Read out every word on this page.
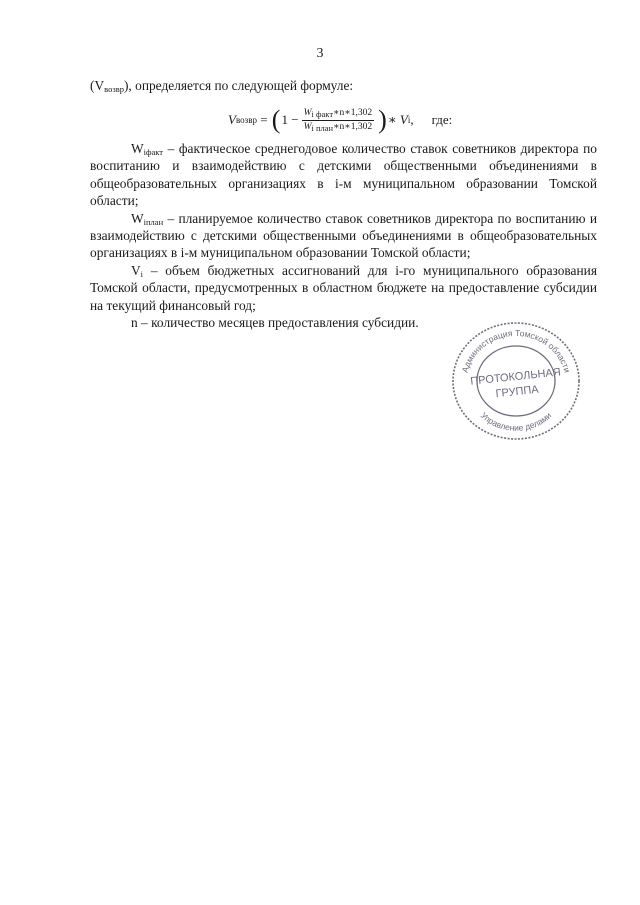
3
$(V_{возвр})$, определяется по следующей формуле:
V возвр = ( $1 - \frac{W_{i факт}∗n∗1,302}{W_{i план}∗n∗1,302}$ ) ∗ V i , где:

$W_{iфакт}$ – фактическое среднегодовое количество ставок советников директора по воспитанию и взаимодействию с детскими общественными объединениями в общеобразовательных организациях в i-м муниципальном образовании Томской области;

$W_{iплан}$ – планируемое количество ставок советников директора по воспитанию и взаимодействию с детскими общественными объединениями в общеобразовательных организациях в i-м муниципальном образовании Томской области;

$V_i$ – объем бюджетных ассигнований для i-го муниципального образования Томской области, предусмотренных в областном бюджете на предоставление субсидии на текущий финансовый год;

n – количество месяцев предоставления субсидии.

Администрация Томской области
Управление делами
ПРОТОКОЛЬНАЯ
ГРУППА
